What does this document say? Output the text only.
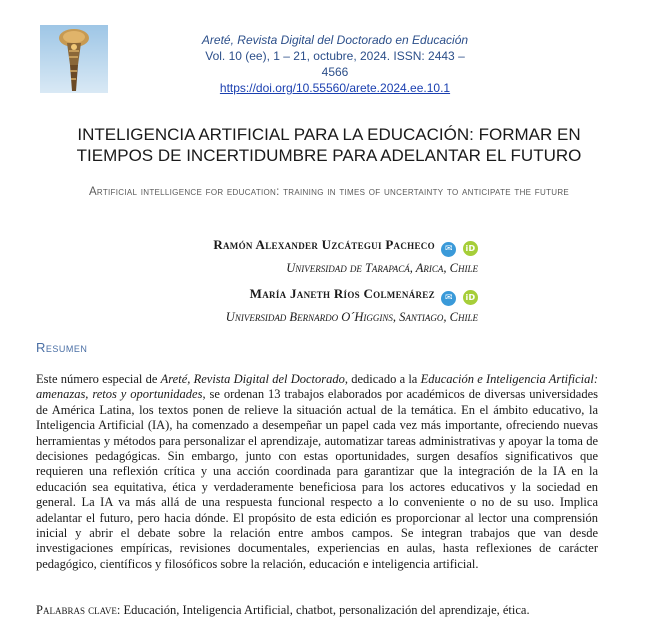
Areté, Revista Digital del Doctorado en Educación
Vol. 10 (ee), 1 – 21, octubre, 2024. ISSN: 2443 – 4566
https://doi.org/10.55560/arete.2024.ee.10.1
INTELIGENCIA ARTIFICIAL PARA LA EDUCACIÓN: FORMAR EN
TIEMPOS DE INCERTIDUMBRE PARA ADELANTAR EL FUTURO
Artificial intelligence for education: training in times of uncertainty to anticipate the future
Ramón Alexander Uzcátegui Pacheco ✉ iD
Universidad de Tarapacá, Arica, Chile
María Janeth Ríos Colmenárez ✉ iD
Universidad Bernardo O´Higgins, Santiago, Chile
Resumen
Este número especial de Areté, Revista Digital del Doctorado, dedicado a la Educación e Inteligencia Artificial: amenazas, retos y oportunidades, se ordenan 13 trabajos elaborados por académicos de diversas universidades de América Latina, los textos ponen de relieve la situación actual de la temática. En el ámbito educativo, la Inteligencia Artificial (IA), ha comenzado a desempeñar un papel cada vez más importante, ofreciendo nuevas herramientas y métodos para personalizar el aprendizaje, automatizar tareas administrativas y apoyar la toma de decisiones pedagógicas. Sin embargo, junto con estas oportunidades, surgen desafíos significativos que requieren una reflexión crítica y una acción coordinada para garantizar que la integración de la IA en la educación sea equitativa, ética y verdaderamente beneficiosa para los actores educativos y la sociedad en general. La IA va más allá de una respuesta funcional respecto a lo conveniente o no de su uso. Implica adelantar el futuro, pero hacia dónde. El propósito de esta edición es proporcionar al lector una comprensión inicial y abrir el debate sobre la relación entre ambos campos. Se integran trabajos que van desde investigaciones empíricas, revisiones documentales, experiencias en aulas, hasta reflexiones de carácter pedagógico, científicos y filosóficos sobre la relación, educación e inteligencia artificial.
Palabras clave: Educación, Inteligencia Artificial, chatbot, personalización del aprendizaje, ética.
